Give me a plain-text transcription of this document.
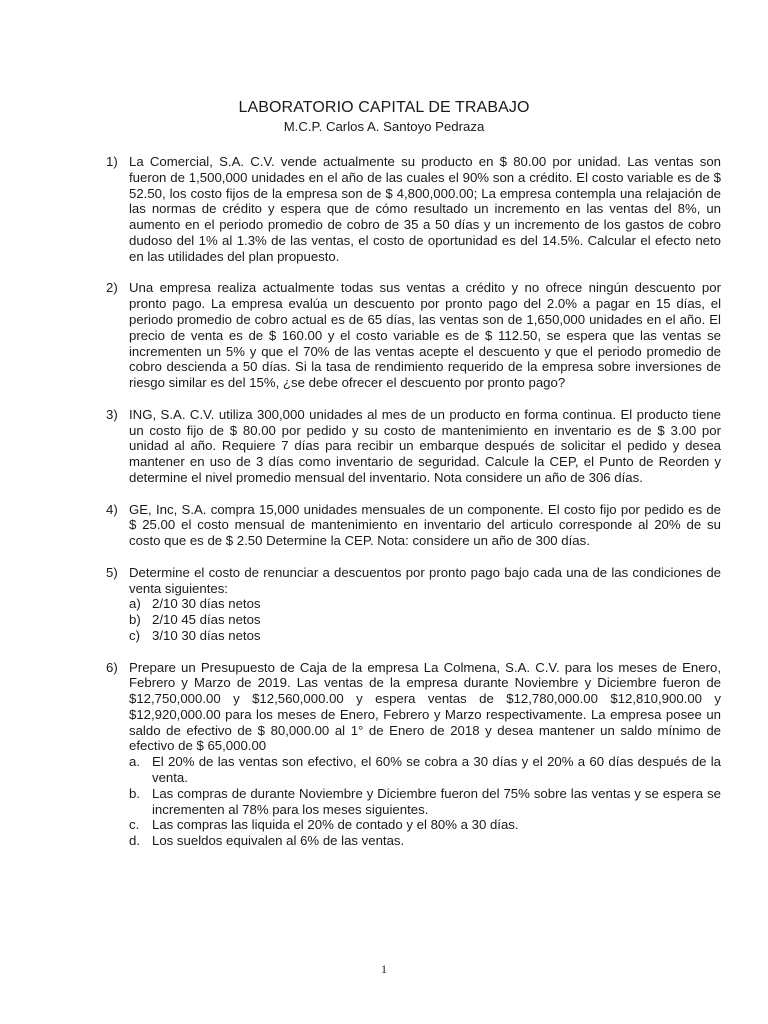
LABORATORIO CAPITAL DE TRABAJO
M.C.P. Carlos A. Santoyo Pedraza
1) La Comercial, S.A. C.V. vende actualmente su producto en $ 80.00 por unidad. Las ventas son fueron de 1,500,000 unidades en el año de las cuales el 90% son a crédito. El costo variable es de $ 52.50, los costo fijos de la empresa son de $ 4,800,000.00; La empresa contempla una relajación de las normas de crédito y espera que de cómo resultado un incremento en las ventas del 8%, un aumento en el periodo promedio de cobro de 35 a 50 días y un incremento de los gastos de cobro dudoso del 1% al 1.3% de las ventas, el costo de oportunidad es del 14.5%. Calcular el efecto neto en las utilidades del plan propuesto.
2) Una empresa realiza actualmente todas sus ventas a crédito y no ofrece ningún descuento por pronto pago. La empresa evalúa un descuento por pronto pago del 2.0% a pagar en 15 días, el periodo promedio de cobro actual es de 65 días, las ventas son de 1,650,000 unidades en el año. El precio de venta es de $ 160.00 y el costo variable es de $ 112.50, se espera que las ventas se incrementen un 5% y que el 70% de las ventas acepte el descuento y que el periodo promedio de cobro descienda a 50 días. Si la tasa de rendimiento requerido de la empresa sobre inversiones de riesgo similar es del 15%, ¿se debe ofrecer el descuento por pronto pago?
3) ING, S.A. C.V. utiliza 300,000 unidades al mes de un producto en forma continua. El producto tiene un costo fijo de $ 80.00 por pedido y su costo de mantenimiento en inventario es de $ 3.00 por unidad al año. Requiere 7 días para recibir un embarque después de solicitar el pedido y desea mantener en uso de 3 días como inventario de seguridad. Calcule la CEP, el Punto de Reorden y determine el nivel promedio mensual del inventario. Nota considere un año de 306 días.
4) GE, Inc, S.A. compra 15,000 unidades mensuales de un componente. El costo fijo por pedido es de $ 25.00 el costo mensual de mantenimiento en inventario del articulo corresponde al 20% de su costo que es de $ 2.50 Determine la CEP. Nota: considere un año de 300 días.
5) Determine el costo de renunciar a descuentos por pronto pago bajo cada una de las condiciones de venta siguientes:
a) 2/10 30 días netos
b) 2/10 45 días netos
c) 3/10 30 días netos
6) Prepare un Presupuesto de Caja de la empresa La Colmena, S.A. C.V. para los meses de Enero, Febrero y Marzo de 2019. Las ventas de la empresa durante Noviembre y Diciembre fueron de $12,750,000.00 y $12,560,000.00 y espera ventas de $12,780,000.00 $12,810,900.00 y $12,920,000.00 para los meses de Enero, Febrero y Marzo respectivamente. La empresa posee un saldo de efectivo de $ 80,000.00 al 1° de Enero de 2018 y desea mantener un saldo mínimo de efectivo de $ 65,000.00
a. El 20% de las ventas son efectivo, el 60% se cobra a 30 días y el 20% a 60 días después de la venta.
b. Las compras de durante Noviembre y Diciembre fueron del 75% sobre las ventas y se espera se incrementen al 78% para los meses siguientes.
c. Las compras las liquida el 20% de contado y el 80% a 30 días.
d. Los sueldos equivalen al 6% de las ventas.
1
